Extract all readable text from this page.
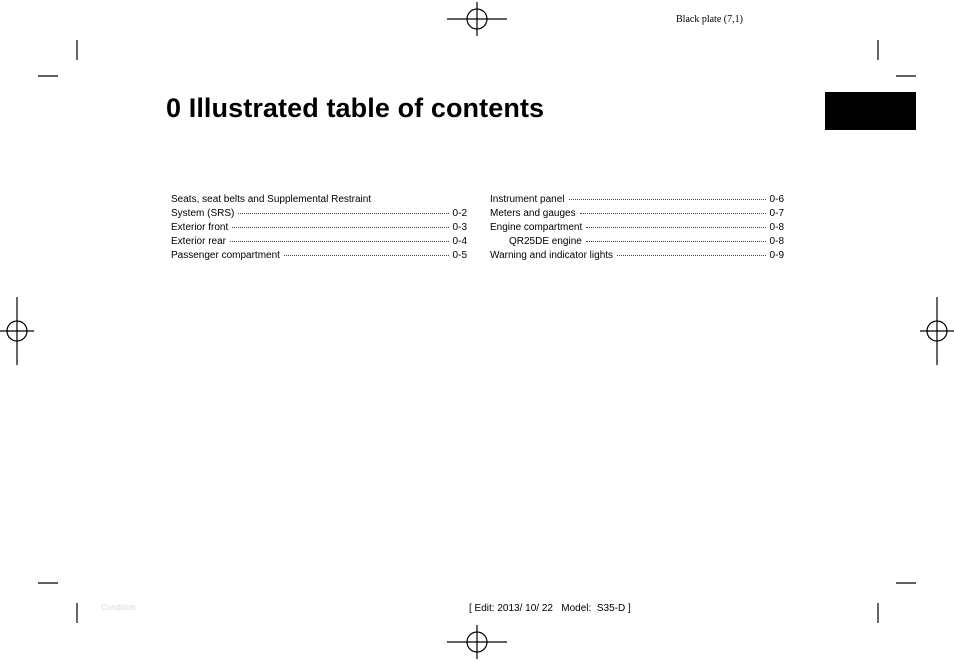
Black plate (7,1)
0 Illustrated table of contents
Seats, seat belts and Supplemental Restraint
System (SRS)	0-2
Exterior front	0-3
Exterior rear	0-4
Passenger compartment	0-5
Instrument panel	0-6
Meters and gauges	0-7
Engine compartment	0-8
QR25DE engine	0-8
Warning and indicator lights	0-9
Condition:	[ Edit: 2013/ 10/ 22   Model:  S35-D ]
